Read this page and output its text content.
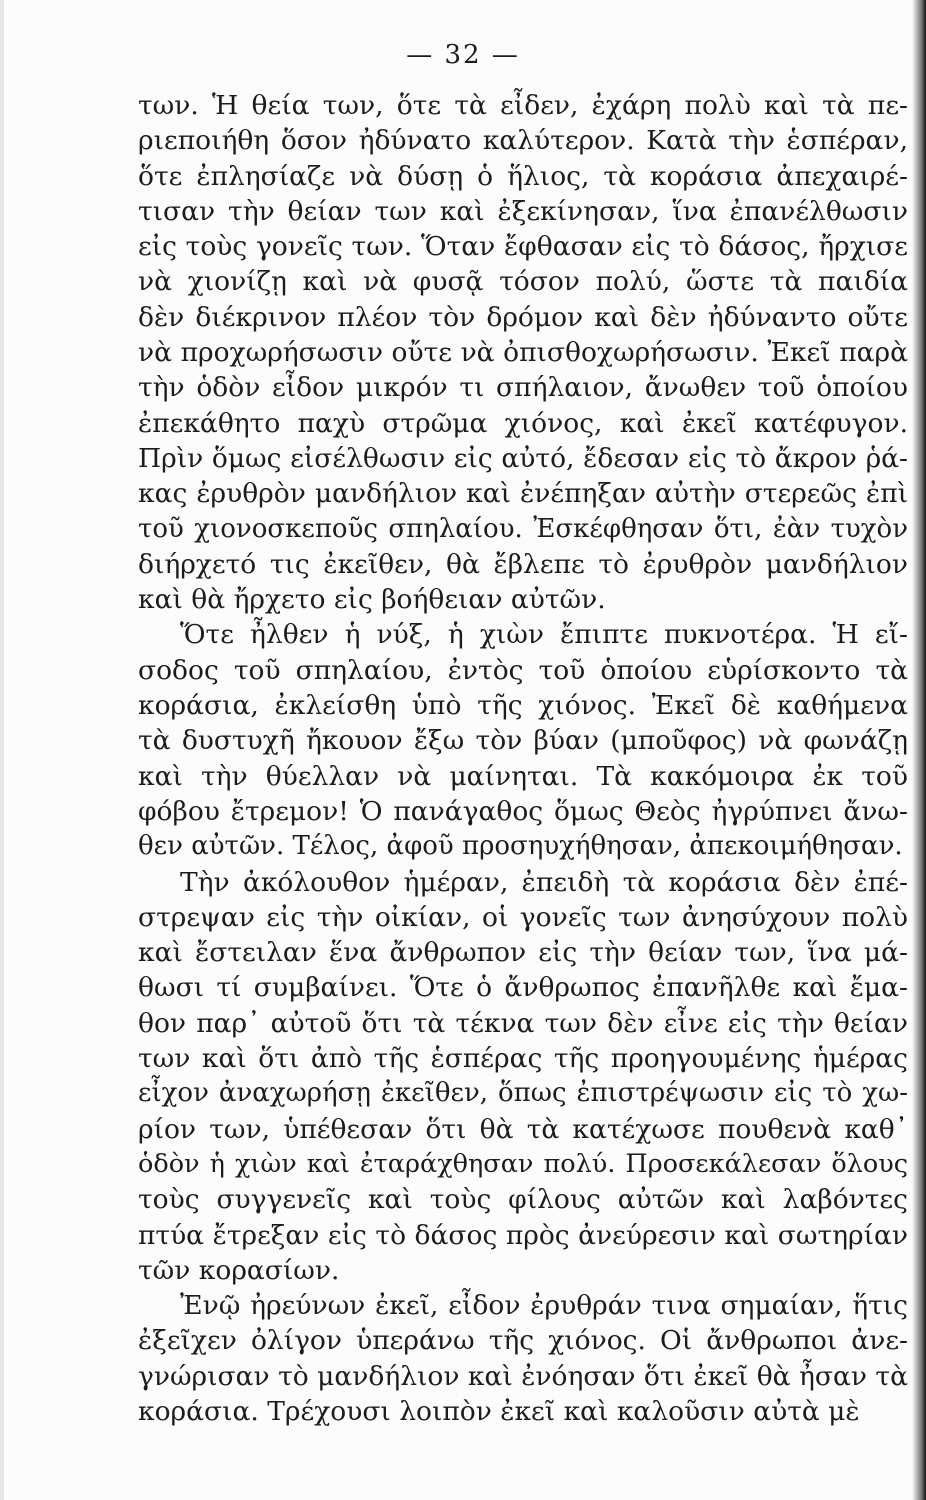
— 32 —
των. Ἡ θεία των, ὅτε τὰ εἶδεν, ἐχάρη πολὺ καὶ τὰ πε-
ριεποιήθη ὅσον ἠδύνατο καλύτερον. Κατὰ τὴν ἑσπέραν,
ὅτε ἐπλησίαζε νὰ δύσῃ ὁ ἥλιος, τὰ κοράσια ἀπεχαιρέ-
τισαν τὴν θείαν των καὶ ἐξεκίνησαν, ἵνα ἐπανέλθωσιν
εἰς τοὺς γονεῖς των. Ὅταν ἔφθασαν εἰς τὸ δάσος, ἤρχισε
νὰ χιονίζῃ καὶ νὰ φυσᾷ τόσον πολύ, ὥστε τὰ παιδία
δὲν διέκρινον πλέον τὸν δρόμον καὶ δὲν ἠδύναντο οὔτε
νὰ προχωρήσωσιν οὔτε νὰ ὀπισθοχωρήσωσιν. Ἐκεῖ παρὰ
τὴν ὁδὸν εἶδον μικρόν τι σπήλαιον, ἄνωθεν τοῦ ὁποίου
ἐπεκάθητο παχὺ στρῶμα χιόνος, καὶ ἐκεῖ κατέφυγον.
Πρὶν ὅμως εἰσέλθωσιν εἰς αὐτό, ἔδεσαν εἰς τὸ ἄκρον ῥά-
κας ἐρυθρὸν μανδήλιον καὶ ἐνέπηξαν αὐτὴν στερεῶς ἐπὶ
τοῦ χιονοσκεποῦς σπηλαίου. Ἐσκέφθησαν ὅτι, ἐὰν τυχὸν
διήρχετό τις ἐκεῖθεν, θὰ ἔβλεπε τὸ ἐρυθρὸν μανδήλιον
καὶ θὰ ἤρχετο εἰς βοήθειαν αὐτῶν.
Ὅτε ἦλθεν ἡ νύξ, ἡ χιὼν ἔπιπτε πυκνοτέρα. Ἡ εἴ-
σοδος τοῦ σπηλαίου, ἐντὸς τοῦ ὁποίου εὑρίσκοντο τὰ
κοράσια, ἐκλείσθη ὑπὸ τῆς χιόνος. Ἐκεῖ δὲ καθήμενα
τὰ δυστυχῆ ἤκουον ἔξω τὸν βύαν (μποῦφος) νὰ φωνάζῃ
καὶ τὴν θύελλαν νὰ μαίνηται. Τὰ κακόμοιρα ἐκ τοῦ
φόβου ἔτρεμον! Ὁ πανάγαθος ὅμως Θεὸς ἠγρύπνει ἄνω-
θεν αὐτῶν. Τέλος, ἀφοῦ προσηυχήθησαν, ἀπεκοιμήθησαν.
Τὴν ἀκόλουθον ἡμέραν, ἐπειδὴ τὰ κοράσια δὲν ἐπέ-
στρεψαν εἰς τὴν οἰκίαν, οἱ γονεῖς των ἀνησύχουν πολὺ
καὶ ἔστειλαν ἕνα ἄνθρωπον εἰς τὴν θείαν των, ἵνα μά-
θωσι τί συμβαίνει. Ὅτε ὁ ἄνθρωπος ἐπανῆλθε καὶ ἔμα-
θον παρ᾽ αὐτοῦ ὅτι τὰ τέκνα των δὲν εἶνε εἰς τὴν θείαν
των καὶ ὅτι ἀπὸ τῆς ἑσπέρας τῆς προηγουμένης ἡμέρας
εἶχον ἀναχωρήσῃ ἐκεῖθεν, ὅπως ἐπιστρέψωσιν εἰς τὸ χω-
ρίον των, ὑπέθεσαν ὅτι θὰ τὰ κατέχωσε πουθενὰ καθ᾽
ὁδὸν ἡ χιὼν καὶ ἐταράχθησαν πολύ. Προσεκάλεσαν ὅλους
τοὺς συγγενεῖς καὶ τοὺς φίλους αὐτῶν καὶ λαβόντες
πτύα ἔτρεξαν εἰς τὸ δάσος πρὸς ἀνεύρεσιν καὶ σωτηρίαν
τῶν κορασίων.
Ἐνῷ ἠρεύνων ἐκεῖ, εἶδον ἐρυθράν τινα σημαίαν, ἥτις
ἐξεῖχεν ὀλίγον ὑπεράνω τῆς χιόνος. Οἱ ἄνθρωποι ἀνε-
γνώρισαν τὸ μανδήλιον καὶ ἐνόησαν ὅτι ἐκεῖ θὰ ἦσαν τὰ
κοράσια. Τρέχουσι λοιπὸν ἐκεῖ καὶ καλοῦσιν αὐτὰ μὲ
